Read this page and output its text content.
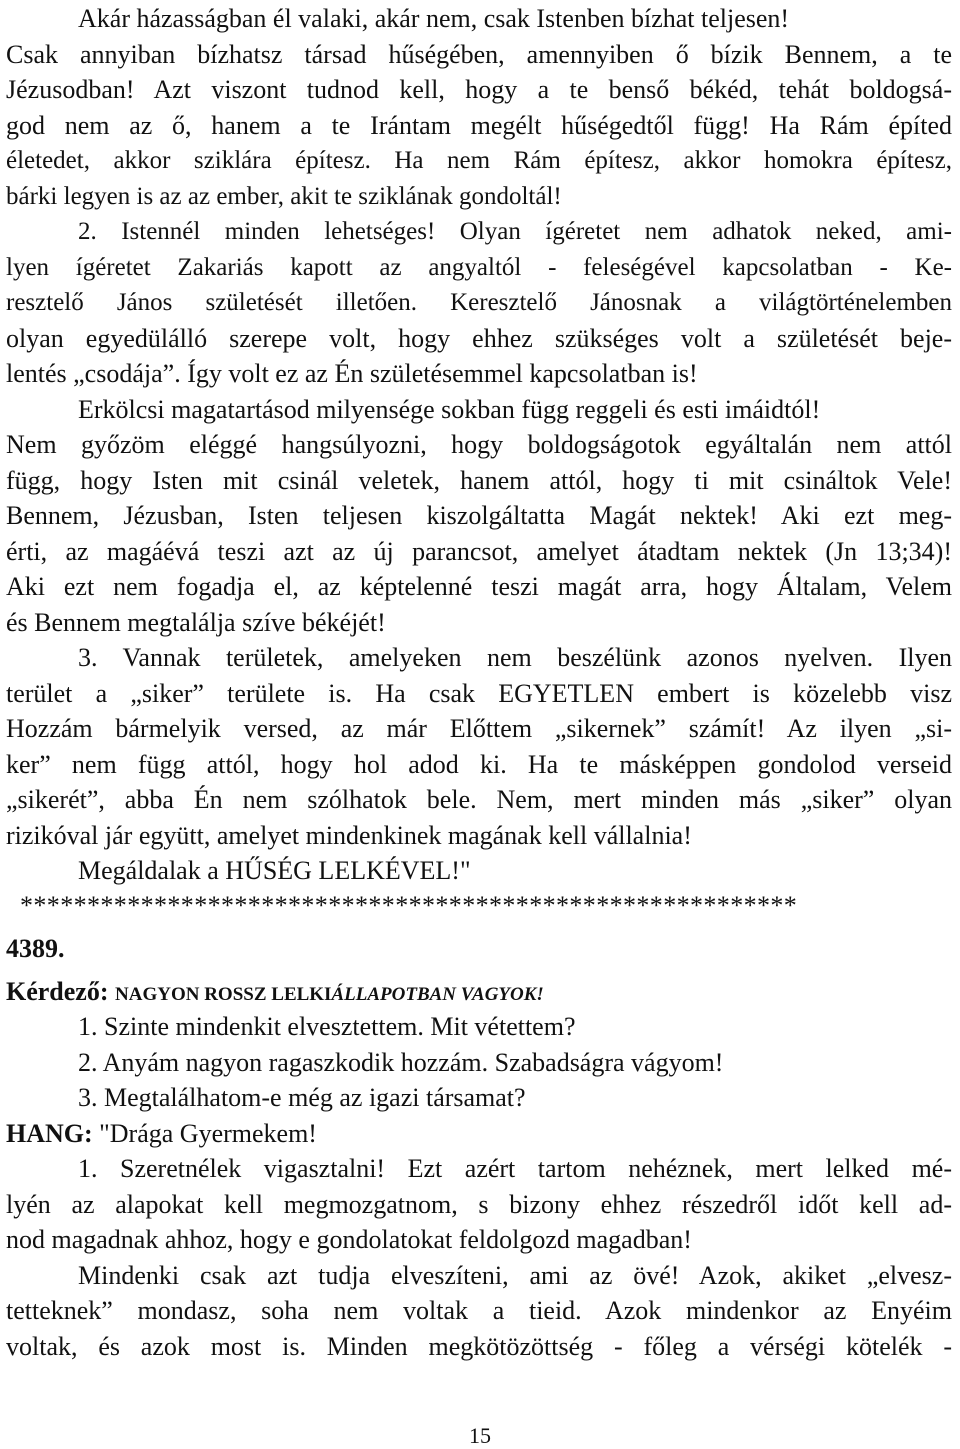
Akár házasságban él valaki, akár nem, csak Istenben bízhat teljesen!
Csak annyiban bízhatsz társad hűségében, amennyiben ő bízik Bennem, a te
Jézusodban! Azt viszont tudnod kell, hogy a te benső békéd, tehát boldogsá-
god nem az ő, hanem a te Irántam megélt hűségedtől függ! Ha Rám építed
életedet, akkor sziklára építesz. Ha nem Rám építesz, akkor homokra építesz,
bárki legyen is az az ember, akit te sziklának gondoltál!
2. Istennél minden lehetséges! Olyan ígéretet nem adhatok neked, ami-
lyen ígéretet Zakariás kapott az angyaltól - feleségével kapcsolatban - Ke-
resztelő János születését illetően. Keresztelő Jánosnak a világtörténelemben
olyan egyedülálló szerepe volt, hogy ehhez szükséges volt a születését beje-
lentés „csodája”. Így volt ez az Én születésemmel kapcsolatban is!
Erkölcsi magatartásod milyensége sokban függ reggeli és esti imáidtól!
Nem győzöm eléggé hangsúlyozni, hogy boldogságotok egyáltalán nem attól
függ, hogy Isten mit csinál veletek, hanem attól, hogy ti mit csináltok Vele!
Bennem, Jézusban, Isten teljesen kiszolgáltatta Magát nektek! Aki ezt meg-
érti, az magáévá teszi azt az új parancsot, amelyet átadtam nektek (Jn 13;34)!
Aki ezt nem fogadja el, az képtelenné teszi magát arra, hogy Általam, Velem
és Bennem megtalálja szíve békéjét!
3. Vannak területek, amelyeken nem beszélünk azonos nyelven. Ilyen
terület a „siker” területe is. Ha csak EGYETLEN embert is közelebb visz
Hozzám bármelyik versed, az már Előttem „sikernek” számít! Az ilyen „si-
ker” nem függ attól, hogy hol adod ki. Ha te másképpen gondolod verseid
„sikerét”, abba Én nem szólhatok bele. Nem, mert minden más „siker” olyan
rizikóval jár együtt, amelyet mindenkinek magának kell vállalnia!
Megáldalak a HŰSÉG LELKÉVEL!"
**********************************************************
4389.
Kérdező: NAGYON ROSSZ LELKIÁLLAPOTBAN VAGYOK!
1. Szinte mindenkit elvesztettem. Mit vétettem?
2. Anyám nagyon ragaszkodik hozzám. Szabadságra vágyom!
3. Megtalálhatom-e még az igazi társamat?
HANG: "Drága Gyermekem!
1. Szeretnélek vigasztalni! Ezt azért tartom nehéznek, mert lelked mé-
lyén az alapokat kell megmozgatnom, s bizony ehhez részedről időt kell ad-
nod magadnak ahhoz, hogy e gondolatokat feldolgozd magadban!
Mindenki csak azt tudja elveszíteni, ami az övé! Azok, akiket „elvesz-
tetteknek” mondasz, soha nem voltak a tieid. Azok mindenkor az Enyéim
voltak, és azok most is. Minden megkötözöttség - főleg a vérségi kötelék -
15
